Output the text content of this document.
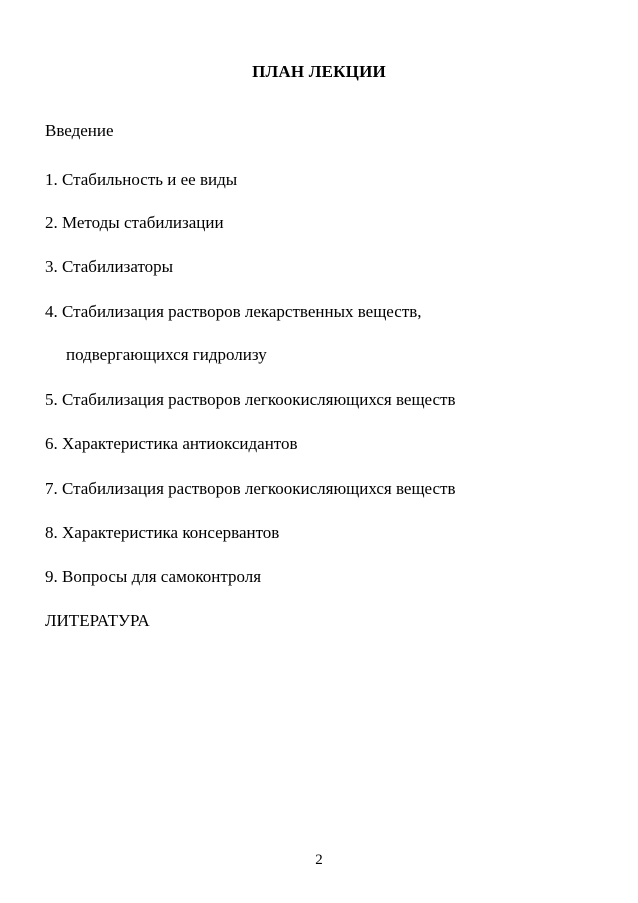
ПЛАН ЛЕКЦИИ
Введение
1. Стабильность и ее виды
2. Методы стабилизации
3. Стабилизаторы
4. Стабилизация растворов лекарственных веществ,
подвергающихся гидролизу
5. Стабилизация растворов легкоокисляющихся веществ
6. Характеристика антиоксидантов
7. Стабилизация растворов легкоокисляющихся веществ
8. Характеристика консервантов
9. Вопросы для самоконтроля
ЛИТЕРАТУРА
2
